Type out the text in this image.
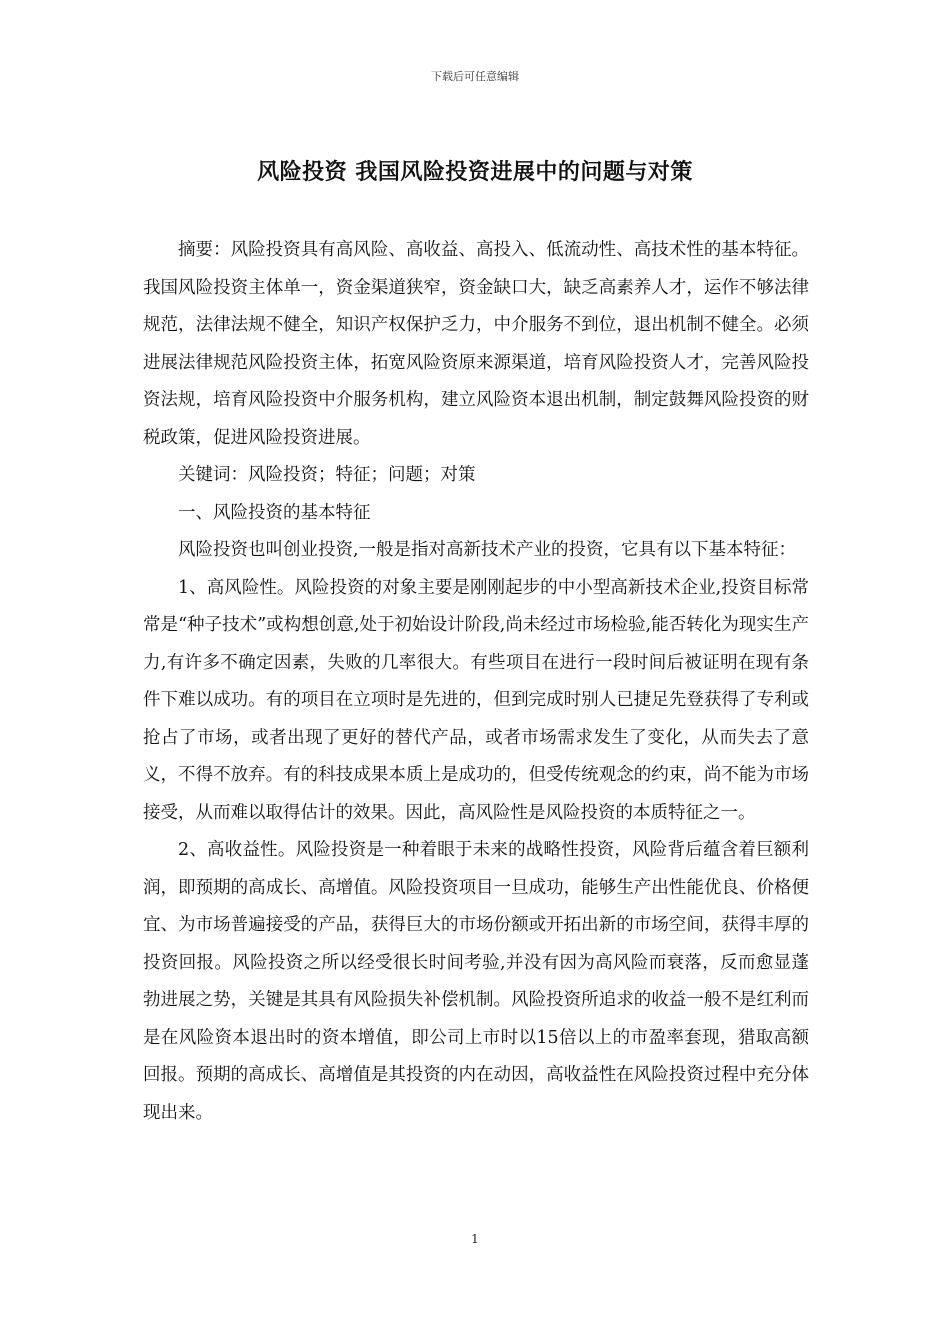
下载后可任意编辑
风险投资 我国风险投资进展中的问题与对策

摘要：风险投资具有高风险、高收益、高投入、低流动性、高技术性的基本特征。我国风险投资主体单一，资金渠道狭窄，资金缺口大，缺乏高素养人才，运作不够法律规范，法律法规不健全，知识产权保护乏力，中介服务不到位，退出机制不健全。必须进展法律规范风险投资主体，拓宽风险资原来源渠道，培育风险投资人才，完善风险投资法规，培育风险投资中介服务机构，建立风险资本退出机制，制定鼓舞风险投资的财税政策，促进风险投资进展。

关键词：风险投资；特征；问题；对策

一、风险投资的基本特征

风险投资也叫创业投资,一般是指对高新技术产业的投资，它具有以下基本特征：

1、高风险性。风险投资的对象主要是刚刚起步的中小型高新技术企业,投资目标常常是“种子技术”或构想创意,处于初始设计阶段,尚未经过市场检验,能否转化为现实生产力,有许多不确定因素，失败的几率很大。有些项目在进行一段时间后被证明在现有条件下难以成功。有的项目在立项时是先进的，但到完成时别人已捷足先登获得了专利或抢占了市场，或者出现了更好的替代产品，或者市场需求发生了变化，从而失去了意义，不得不放弃。有的科技成果本质上是成功的，但受传统观念的约束，尚不能为市场接受，从而难以取得估计的效果。因此，高风险性是风险投资的本质特征之一。

2、高收益性。风险投资是一种着眼于未来的战略性投资，风险背后蕴含着巨额利润，即预期的高成长、高增值。风险投资项目一旦成功，能够生产出性能优良、价格便宜、为市场普遍接受的产品，获得巨大的市场份额或开拓出新的市场空间，获得丰厚的投资回报。风险投资之所以经受很长时间考验,并没有因为高风险而衰落，反而愈显蓬勃进展之势，关键是其具有风险损失补偿机制。风险投资所追求的收益一般不是红利而是在风险资本退出时的资本增值，即公司上市时以15倍以上的市盈率套现，猎取高额回报。预期的高成长、高增值是其投资的内在动因，高收益性在风险投资过程中充分体现出来。

1
